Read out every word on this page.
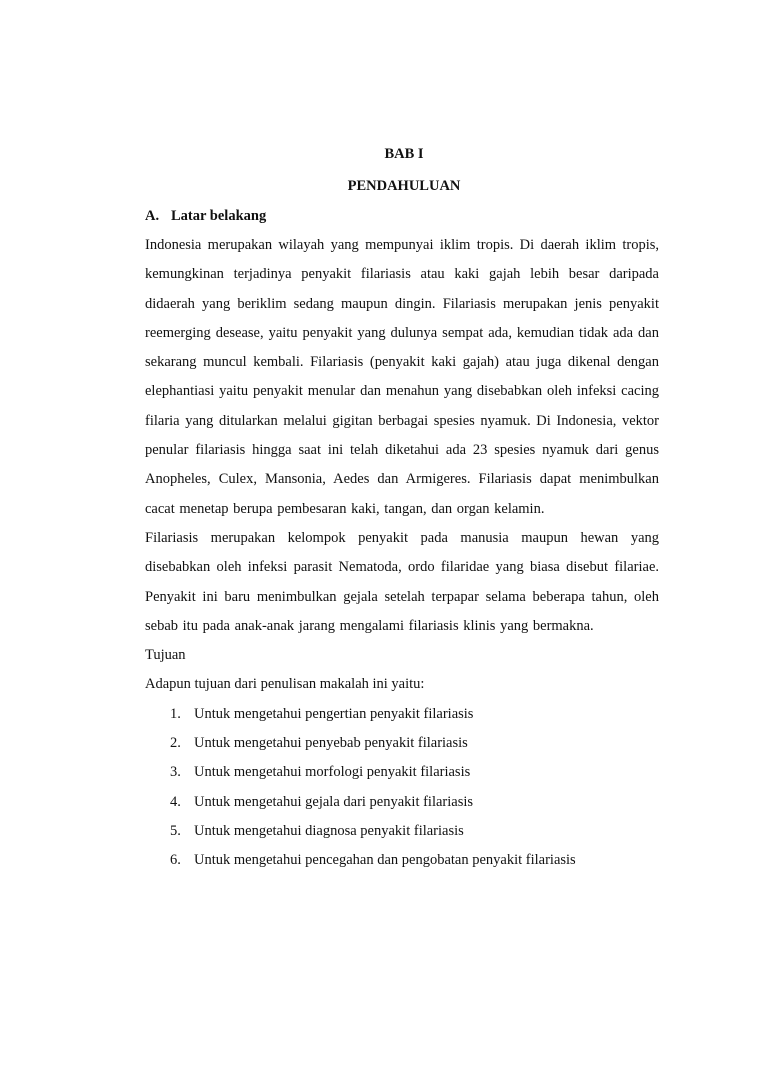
BAB I

PENDAHULUAN

A. Latar belakang

Indonesia merupakan wilayah yang mempunyai iklim tropis. Di daerah iklim tropis, kemungkinan terjadinya penyakit filariasis atau kaki gajah lebih besar daripada didaerah yang beriklim sedang maupun dingin. Filariasis merupakan jenis penyakit reemerging desease, yaitu penyakit yang dulunya sempat ada, kemudian tidak ada dan sekarang muncul kembali. Filariasis (penyakit kaki gajah) atau juga dikenal dengan elephantiasi yaitu penyakit menular dan menahun yang disebabkan oleh infeksi cacing filaria yang ditularkan melalui gigitan berbagai spesies nyamuk. Di Indonesia, vektor penular filariasis hingga saat ini telah diketahui ada 23 spesies nyamuk dari genus Anopheles, Culex, Mansonia, Aedes dan Armigeres. Filariasis dapat menimbulkan cacat menetap berupa pembesaran kaki, tangan, dan organ kelamin.

Filariasis merupakan kelompok penyakit pada manusia maupun hewan yang disebabkan oleh infeksi parasit Nematoda, ordo filaridae yang biasa disebut filariae. Penyakit ini baru menimbulkan gejala setelah terpapar selama beberapa tahun, oleh sebab itu pada anak-anak jarang mengalami filariasis klinis yang bermakna.

Tujuan

Adapun tujuan dari penulisan makalah ini yaitu:

1. Untuk mengetahui pengertian penyakit filariasis
2. Untuk mengetahui penyebab penyakit filariasis
3. Untuk mengetahui morfologi penyakit filariasis
4. Untuk mengetahui gejala dari penyakit filariasis
5. Untuk mengetahui diagnosa penyakit filariasis
6. Untuk mengetahui pencegahan dan pengobatan penyakit filariasis
